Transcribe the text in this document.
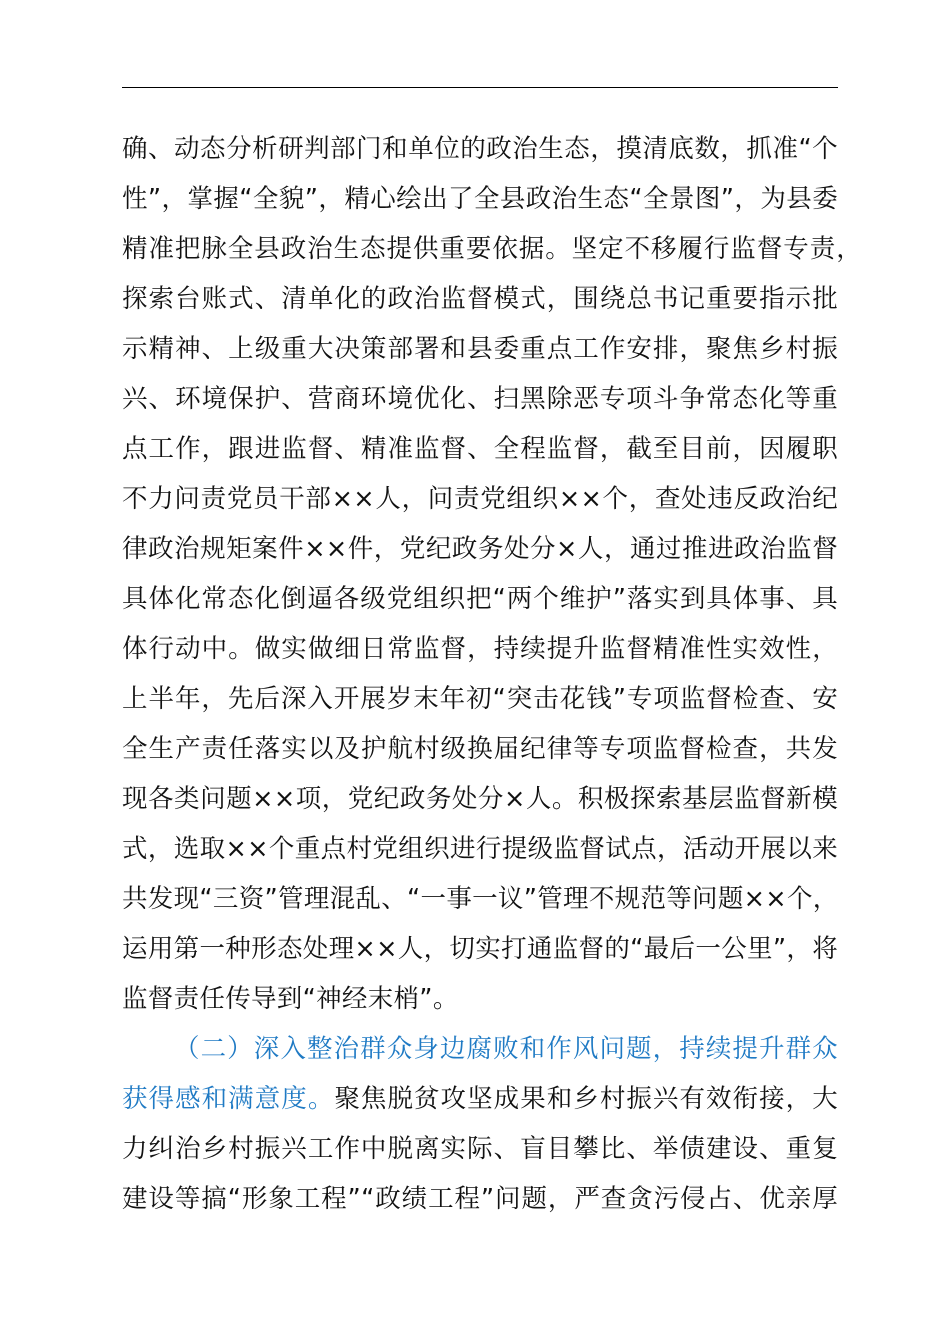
确、动态分析研判部门和单位的政治生态，摸清底数，抓准“个
性”，掌握“全貌”，精心绘出了全县政治生态“全景图”，为县委
精准把脉全县政治生态提供重要依据。坚定不移履行监督专责，
探索台账式、清单化的政治监督模式，围绕总书记重要指示批
示精神、上级重大决策部署和县委重点工作安排，聚焦乡村振
兴、环境保护、营商环境优化、扫黑除恶专项斗争常态化等重
点工作，跟进监督、精准监督、全程监督，截至目前，因履职
不力问责党员干部××人，问责党组织××个，查处违反政治纪
律政治规矩案件××件，党纪政务处分×人，通过推进政治监督
具体化常态化倒逼各级党组织把“两个维护”落实到具体事、具
体行动中。做实做细日常监督，持续提升监督精准性实效性，
上半年，先后深入开展岁末年初“突击花钱”专项监督检查、安
全生产责任落实以及护航村级换届纪律等专项监督检查，共发
现各类问题××项，党纪政务处分×人。积极探索基层监督新模
式，选取××个重点村党组织进行提级监督试点，活动开展以来
共发现“三资”管理混乱、“一事一议”管理不规范等问题××个，
运用第一种形态处理××人，切实打通监督的“最后一公里”，将
监督责任传导到“神经末梢”。
（二）深入整治群众身边腐败和作风问题，持续提升群众
获得感和满意度。聚焦脱贫攻坚成果和乡村振兴有效衔接，大
力纠治乡村振兴工作中脱离实际、盲目攀比、举债建设、重复
建设等搞“形象工程”“政绩工程”问题，严查贪污侵占、优亲厚
